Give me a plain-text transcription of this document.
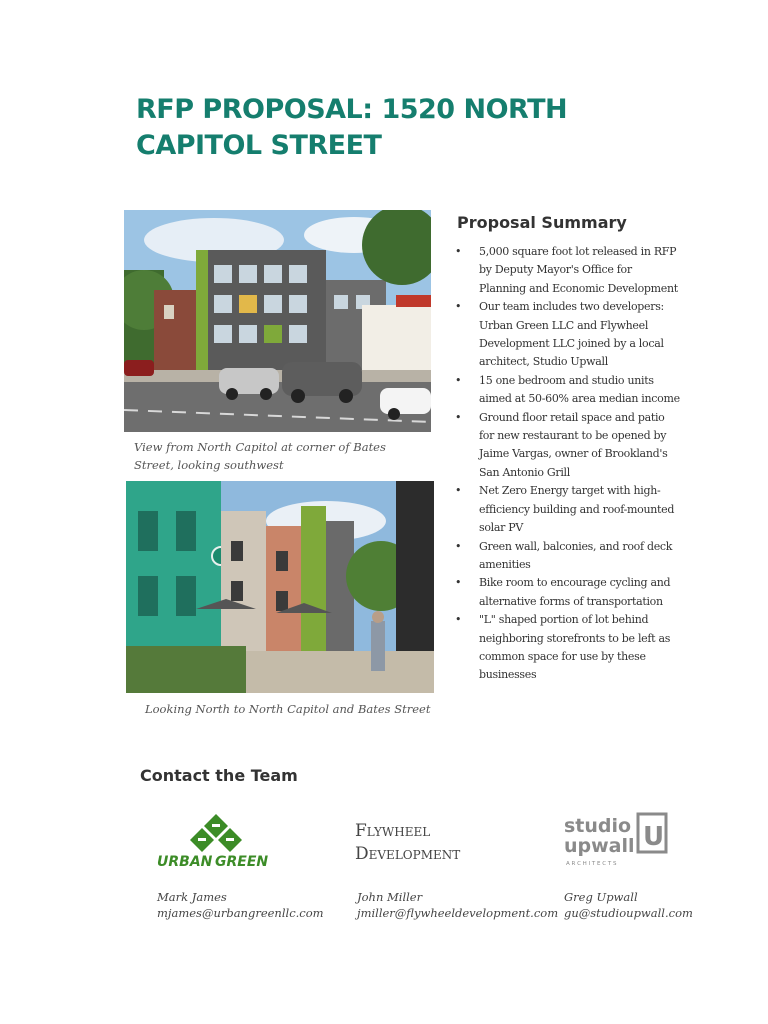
RFP PROPOSAL: 1520 NORTH
CAPITOL STREET
View from North Capitol at corner of Bates Street, looking southwest
Looking North to North Capitol and Bates Street
Proposal Summary
• 5,000 square foot lot released in RFP by Deputy Mayor's Office for Planning and Economic Development
• Our team includes two developers: Urban Green LLC and Flywheel Development LLC joined by a local architect, Studio Upwall
• 15 one bedroom and studio units aimed at 50-60% area median income
• Ground floor retail space and patio for new restaurant to be opened by Jaime Vargas, owner of Brookland's San Antonio Grill
• Net Zero Energy target with high-efficiency building and roof-mounted solar PV
• Green wall, balconies, and roof deck amenities
• Bike room to encourage cycling and alternative forms of transportation
• "L" shaped portion of lot behind neighboring storefronts to be left as common space for use by these businesses
Contact the Team
URBAN GREEN
Flywheel
Development
studio
upwall U
A R C H I T E C T S
Mark James
mjames@urbangreenllc.com
John Miller
jmiller@flywheeldevelopment.com
Greg Upwall
gu@studioupwall.com
